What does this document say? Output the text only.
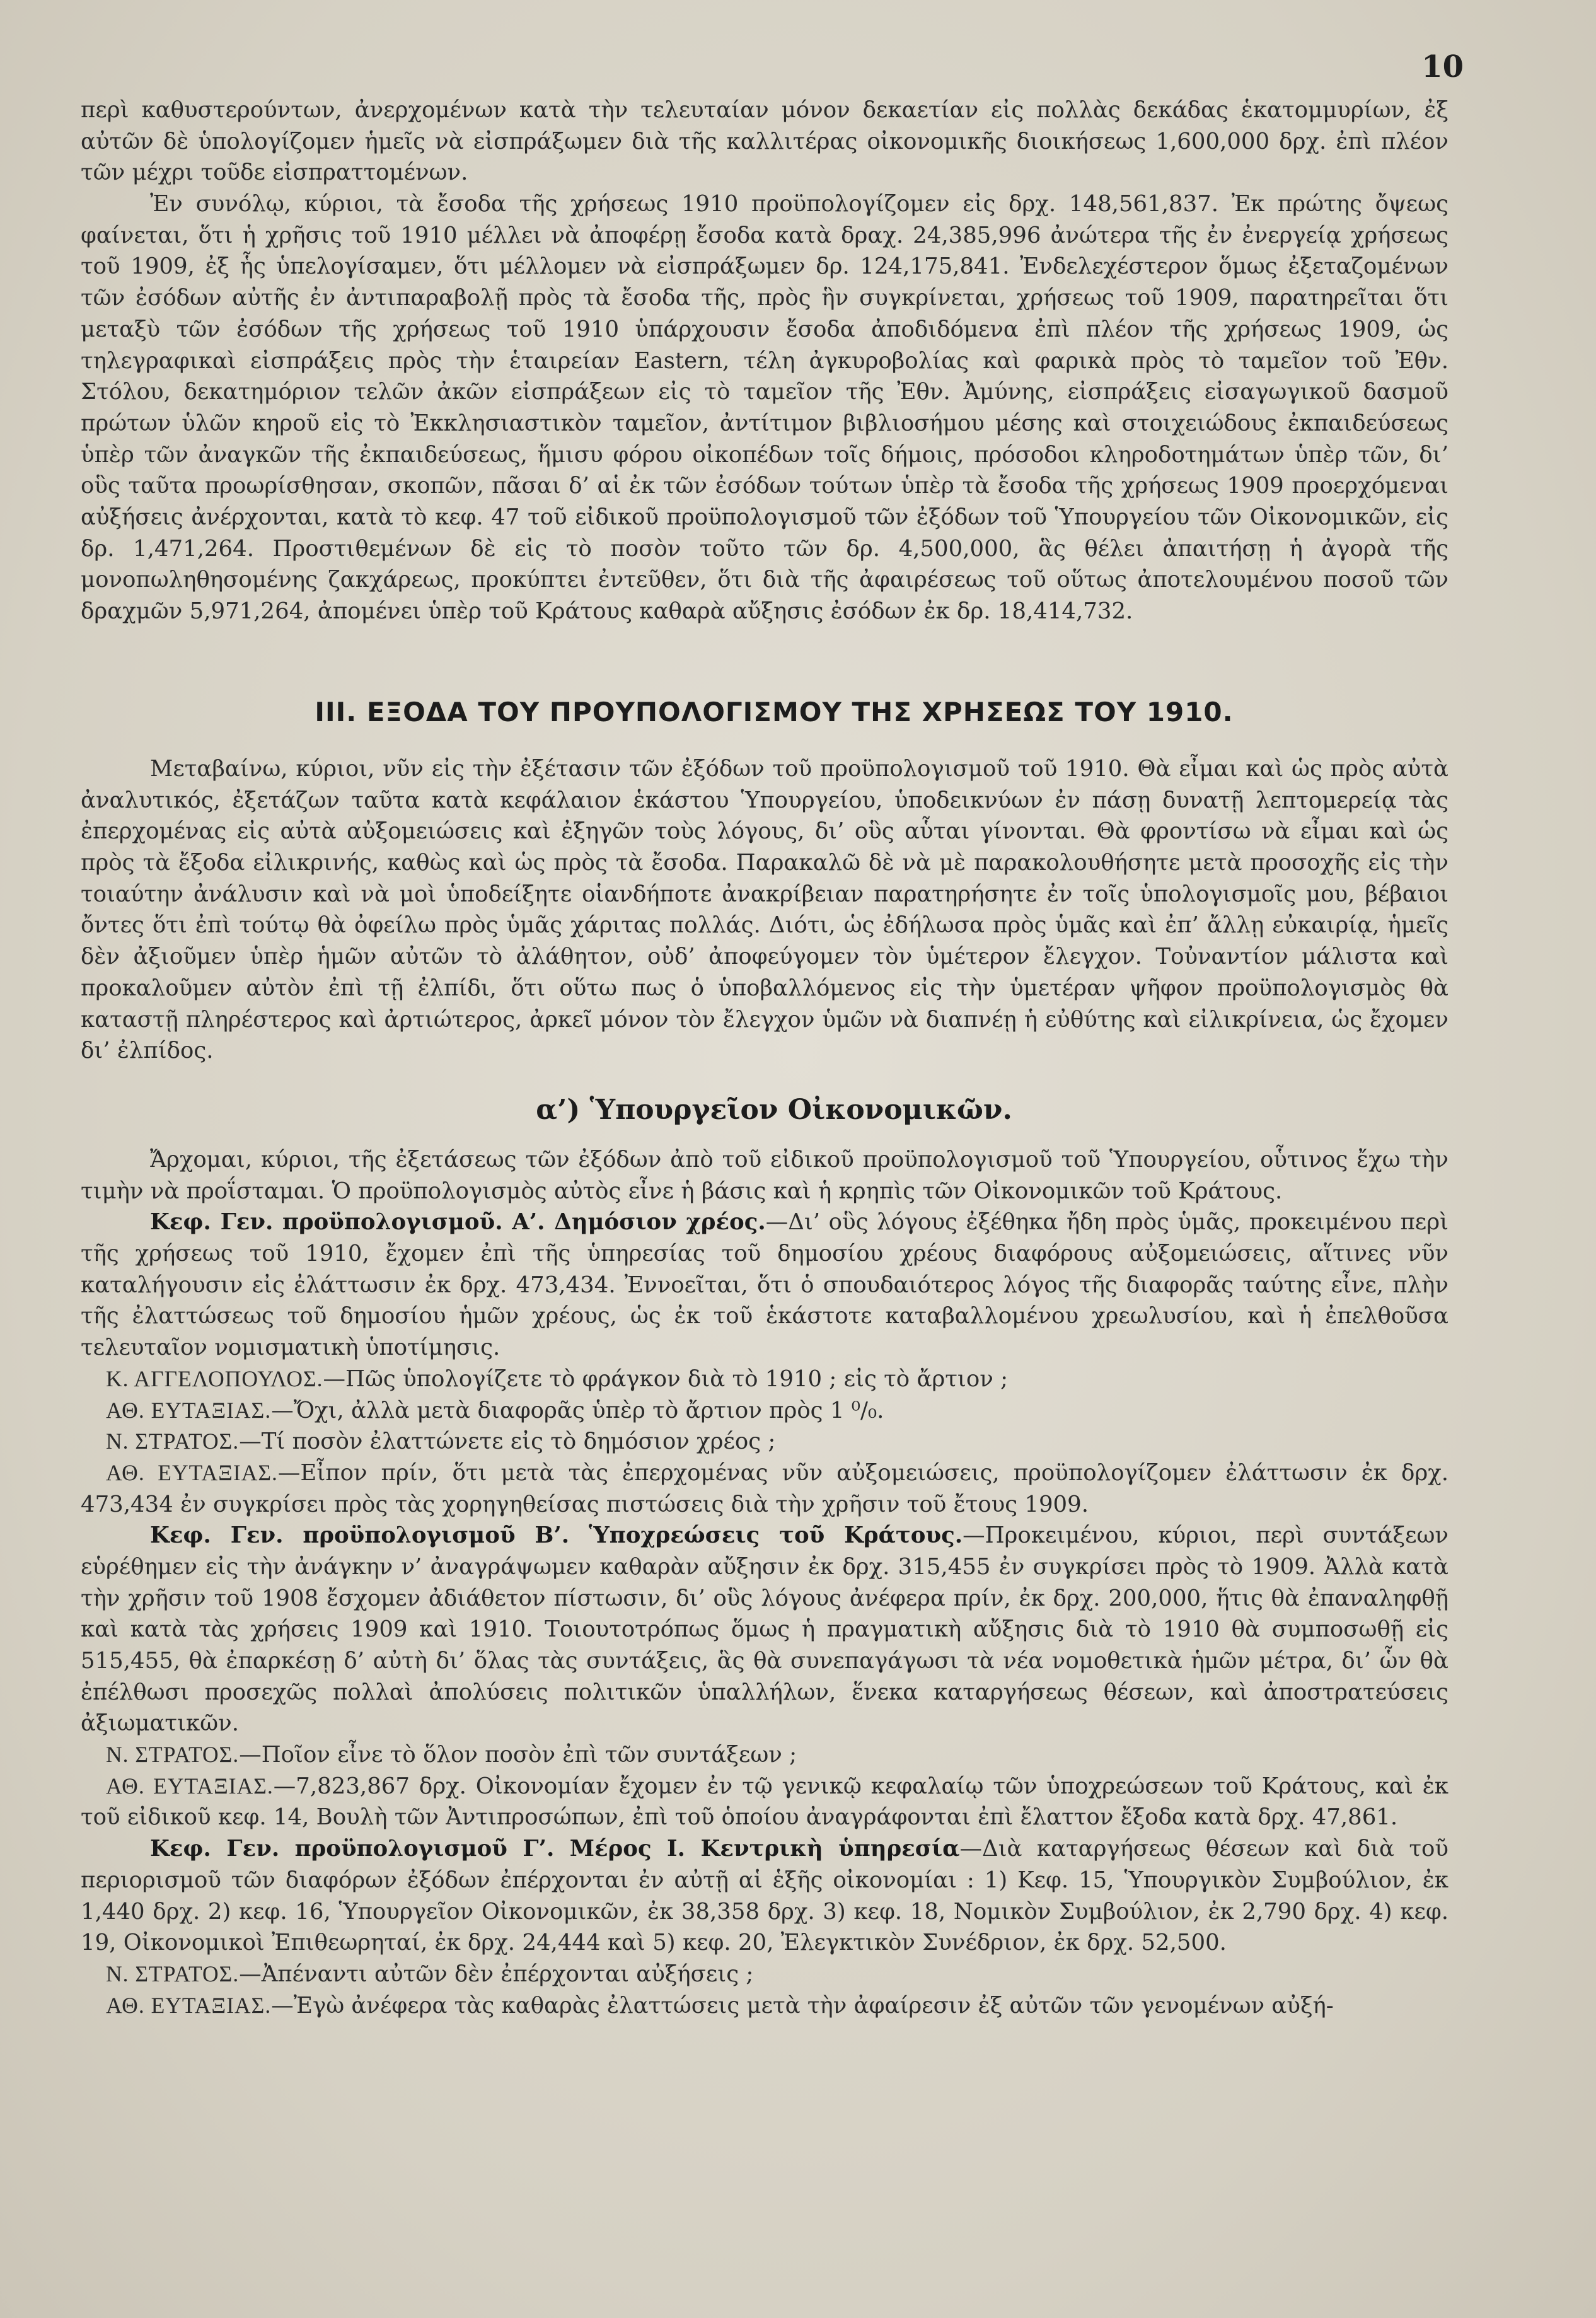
10

περὶ καθυστερούντων, ἀνερχομένων κατὰ τὴν τελευταίαν μόνον δεκαετίαν εἰς πολλὰς δεκάδας ἑκατομμυρίων, ἐξ αὐτῶν δὲ ὑπολογίζομεν ἡμεῖς νὰ εἰσπράξωμεν διὰ τῆς καλλιτέρας οἰκονομικῆς διοικήσεως 1,600,000 δρχ. ἐπὶ πλέον τῶν μέχρι τοῦδε εἰσπραττομένων.

Ἐν συνόλῳ, κύριοι, τὰ ἔσοδα τῆς χρήσεως 1910 προϋπολογίζομεν εἰς δρχ. 148,561,837. Ἐκ πρώτης ὄψεως φαίνεται, ὅτι ἡ χρῆσις τοῦ 1910 μέλλει νὰ ἀποφέρῃ ἔσοδα κατὰ δραχ. 24,385,996 ἀνώτερα τῆς ἐν ἐνεργείᾳ χρήσεως τοῦ 1909, ἐξ ἧς ὑπελογίσαμεν, ὅτι μέλλομεν νὰ εἰσπράξωμεν δρ. 124,175,841. Ἐνδελεχέστερον ὅμως ἐξεταζομένων τῶν ἐσόδων αὐτῆς ἐν ἀντιπαραβολῇ πρὸς τὰ ἔσοδα τῆς, πρὸς ἣν συγκρίνεται, χρήσεως τοῦ 1909, παρατηρεῖται ὅτι μεταξὺ τῶν ἐσόδων τῆς χρήσεως τοῦ 1910 ὑπάρχουσιν ἔσοδα ἀποδιδόμενα ἐπὶ πλέον τῆς χρήσεως 1909, ὡς τηλεγραφικαὶ εἰσπράξεις πρὸς τὴν ἑταιρείαν Eastern, τέλη ἀγκυροβολίας καὶ φαρικὰ πρὸς τὸ ταμεῖον τοῦ Ἐθν. Στόλου, δεκατημόριον τελῶν ἀκῶν εἰσπράξεων εἰς τὸ ταμεῖον τῆς Ἐθν. Ἀμύνης, εἰσπράξεις εἰσαγωγικοῦ δασμοῦ πρώτων ὑλῶν κηροῦ εἰς τὸ Ἐκκλησιαστικὸν ταμεῖον, ἀντίτιμον βιβλιοσήμου μέσης καὶ στοιχειώδους ἐκπαιδεύσεως ὑπὲρ τῶν ἀναγκῶν τῆς ἐκπαιδεύσεως, ἥμισυ φόρου οἰκοπέδων τοῖς δήμοις, πρόσοδοι κληροδοτημάτων ὑπὲρ τῶν, δι’ οὓς ταῦτα προωρίσθησαν, σκοπῶν, πᾶσαι δ’ αἱ ἐκ τῶν ἐσόδων τούτων ὑπὲρ τὰ ἔσοδα τῆς χρήσεως 1909 προερχόμεναι αὐξήσεις ἀνέρχονται, κατὰ τὸ κεφ. 47 τοῦ εἰδικοῦ προϋπολογισμοῦ τῶν ἐξόδων τοῦ Ὑπουργείου τῶν Οἰκονομικῶν, εἰς δρ. 1,471,264. Προστιθεμένων δὲ εἰς τὸ ποσὸν τοῦτο τῶν δρ. 4,500,000, ἃς θέλει ἀπαιτήσῃ ἡ ἀγορὰ τῆς μονοπωληθησομένης ζακχάρεως, προκύπτει ἐντεῦθεν, ὅτι διὰ τῆς ἀφαιρέσεως τοῦ οὕτως ἀποτελουμένου ποσοῦ τῶν δραχμῶν 5,971,264, ἀπομένει ὑπὲρ τοῦ Κράτους καθαρὰ αὔξησις ἐσόδων ἐκ δρ. 18,414,732.

III. ΕΞΟΔΑ ΤΟΥ ΠΡΟΥΠΟΛΟΓΙΣΜΟΥ ΤΗΣ ΧΡΗΣΕΩΣ ΤΟΥ 1910.

Μεταβαίνω, κύριοι, νῦν εἰς τὴν ἐξέτασιν τῶν ἐξόδων τοῦ προϋπολογισμοῦ τοῦ 1910. Θὰ εἶμαι καὶ ὡς πρὸς αὐτὰ ἀναλυτικός, ἐξετάζων ταῦτα κατὰ κεφάλαιον ἑκάστου Ὑπουργείου, ὑποδεικνύων ἐν πάσῃ δυνατῇ λεπτομερείᾳ τὰς ἐπερχομένας εἰς αὐτὰ αὐξομειώσεις καὶ ἐξηγῶν τοὺς λόγους, δι’ οὓς αὗται γίνονται. Θὰ φροντίσω νὰ εἶμαι καὶ ὡς πρὸς τὰ ἔξοδα εἰλικρινής, καθὼς καὶ ὡς πρὸς τὰ ἔσοδα. Παρακαλῶ δὲ νὰ μὲ παρακολουθήσητε μετὰ προσοχῆς εἰς τὴν τοιαύτην ἀνάλυσιν καὶ νὰ μοὶ ὑποδείξητε οἱανδήποτε ἀνακρίβειαν παρατηρήσητε ἐν τοῖς ὑπολογισμοῖς μου, βέβαιοι ὄντες ὅτι ἐπὶ τούτῳ θὰ ὀφείλω πρὸς ὑμᾶς χάριτας πολλάς. Διότι, ὡς ἐδήλωσα πρὸς ὑμᾶς καὶ ἐπ’ ἄλλῃ εὐκαιρίᾳ, ἡμεῖς δὲν ἀξιοῦμεν ὑπὲρ ἡμῶν αὐτῶν τὸ ἀλάθητον, οὐδ’ ἀποφεύγομεν τὸν ὑμέτερον ἔλεγχον. Τοὐναντίον μάλιστα καὶ προκαλοῦμεν αὐτὸν ἐπὶ τῇ ἐλπίδι, ὅτι οὕτω πως ὁ ὑποβαλλόμενος εἰς τὴν ὑμετέραν ψῆφον προϋπολογισμὸς θὰ καταστῇ πληρέστερος καὶ ἀρτιώτερος, ἀρκεῖ μόνον τὸν ἔλεγχον ὑμῶν νὰ διαπνέῃ ἡ εὐθύτης καὶ εἰλικρίνεια, ὡς ἔχομεν δι’ ἐλπίδος.

α’) Ὑπουργεῖον Οἰκονομικῶν.

Ἄρχομαι, κύριοι, τῆς ἐξετάσεως τῶν ἐξόδων ἀπὸ τοῦ εἰδικοῦ προϋπολογισμοῦ τοῦ Ὑπουργείου, οὗτινος ἔχω τὴν τιμὴν νὰ προΐσταμαι. Ὁ προϋπολογισμὸς αὐτὸς εἶνε ἡ βάσις καὶ ἡ κρηπὶς τῶν Οἰκονομικῶν τοῦ Κράτους.

Κεφ. Γεν. προϋπολογισμοῦ. Α’. Δημόσιον χρέος.—Δι’ οὓς λόγους ἐξέθηκα ἤδη πρὸς ὑμᾶς, προκειμένου περὶ τῆς χρήσεως τοῦ 1910, ἔχομεν ἐπὶ τῆς ὑπηρεσίας τοῦ δημοσίου χρέους διαφόρους αὐξομειώσεις, αἵτινες νῦν καταλήγουσιν εἰς ἐλάττωσιν ἐκ δρχ. 473,434. Ἐννοεῖται, ὅτι ὁ σπουδαιότερος λόγος τῆς διαφορᾶς ταύτης εἶνε, πλὴν τῆς ἐλαττώσεως τοῦ δημοσίου ἡμῶν χρέους, ὡς ἐκ τοῦ ἑκάστοτε καταβαλλομένου χρεωλυσίου, καὶ ἡ ἐπελθοῦσα τελευταῖον νομισματικὴ ὑποτίμησις.

Κ. ΑΓΓΕΛΟΠΟΥΛΟΣ.—Πῶς ὑπολογίζετε τὸ φράγκον διὰ τὸ 1910 ; εἰς τὸ ἄρτιον ;

ΑΘ. ΕΥΤΑΞΙΑΣ.—Ὄχι, ἀλλὰ μετὰ διαφορᾶς ὑπὲρ τὸ ἄρτιον πρὸς 1 ⁰/₀.

Ν. ΣΤΡΑΤΟΣ.—Τί ποσὸν ἐλαττώνετε εἰς τὸ δημόσιον χρέος ;

ΑΘ. ΕΥΤΑΞΙΑΣ.—Εἶπον πρίν, ὅτι μετὰ τὰς ἐπερχομένας νῦν αὐξομειώσεις, προϋπολογίζομεν ἐλάττωσιν ἐκ δρχ. 473,434 ἐν συγκρίσει πρὸς τὰς χορηγηθείσας πιστώσεις διὰ τὴν χρῆσιν τοῦ ἔτους 1909.

Κεφ. Γεν. προϋπολογισμοῦ Β’. Ὑποχρεώσεις τοῦ Κράτους.—Προκειμένου, κύριοι, περὶ συντάξεων εὑρέθημεν εἰς τὴν ἀνάγκην ν’ ἀναγράψωμεν καθαρὰν αὔξησιν ἐκ δρχ. 315,455 ἐν συγκρίσει πρὸς τὸ 1909. Ἀλλὰ κατὰ τὴν χρῆσιν τοῦ 1908 ἔσχομεν ἀδιάθετον πίστωσιν, δι’ οὓς λόγους ἀνέφερα πρίν, ἐκ δρχ. 200,000, ἥτις θὰ ἐπαναληφθῇ καὶ κατὰ τὰς χρήσεις 1909 καὶ 1910. Τοιουτοτρόπως ὅμως ἡ πραγματικὴ αὔξησις διὰ τὸ 1910 θὰ συμποσωθῇ εἰς 515,455, θὰ ἐπαρκέσῃ δ’ αὐτὴ δι’ ὅλας τὰς συντάξεις, ἃς θὰ συνεπαγάγωσι τὰ νέα νομοθετικὰ ἡμῶν μέτρα, δι’ ὧν θὰ ἐπέλθωσι προσεχῶς πολλαὶ ἀπολύσεις πολιτικῶν ὑπαλλήλων, ἕνεκα καταργήσεως θέσεων, καὶ ἀποστρατεύσεις ἀξιωματικῶν.

Ν. ΣΤΡΑΤΟΣ.—Ποῖον εἶνε τὸ ὅλον ποσὸν ἐπὶ τῶν συντάξεων ;

ΑΘ. ΕΥΤΑΞΙΑΣ.—7,823,867 δρχ. Οἰκονομίαν ἔχομεν ἐν τῷ γενικῷ κεφαλαίῳ τῶν ὑποχρεώσεων τοῦ Κράτους, καὶ ἐκ τοῦ εἰδικοῦ κεφ. 14, Βουλὴ τῶν Ἀντιπροσώπων, ἐπὶ τοῦ ὁποίου ἀναγράφονται ἐπὶ ἔλαττον ἔξοδα κατὰ δρχ. 47,861.

Κεφ. Γεν. προϋπολογισμοῦ Γ’. Μέρος Ι. Κεντρικὴ ὑπηρεσία—Διὰ καταργήσεως θέσεων καὶ διὰ τοῦ περιορισμοῦ τῶν διαφόρων ἐξόδων ἐπέρχονται ἐν αὐτῇ αἱ ἑξῆς οἰκονομίαι : 1) Κεφ. 15, Ὑπουργικὸν Συμβούλιον, ἐκ 1,440 δρχ. 2) κεφ. 16, Ὑπουργεῖον Οἰκονομικῶν, ἐκ 38,358 δρχ. 3) κεφ. 18, Νομικὸν Συμβούλιον, ἐκ 2,790 δρχ. 4) κεφ. 19, Οἰκονομικοὶ Ἐπιθεωρηταί, ἐκ δρχ. 24,444 καὶ 5) κεφ. 20, Ἐλεγκτικὸν Συνέδριον, ἐκ δρχ. 52,500.

Ν. ΣΤΡΑΤΟΣ.—Ἀπέναντι αὐτῶν δὲν ἐπέρχονται αὐξήσεις ;

ΑΘ. ΕΥΤΑΞΙΑΣ.—Ἐγὼ ἀνέφερα τὰς καθαρὰς ἐλαττώσεις μετὰ τὴν ἀφαίρεσιν ἐξ αὐτῶν τῶν γενομένων αὐξή-
